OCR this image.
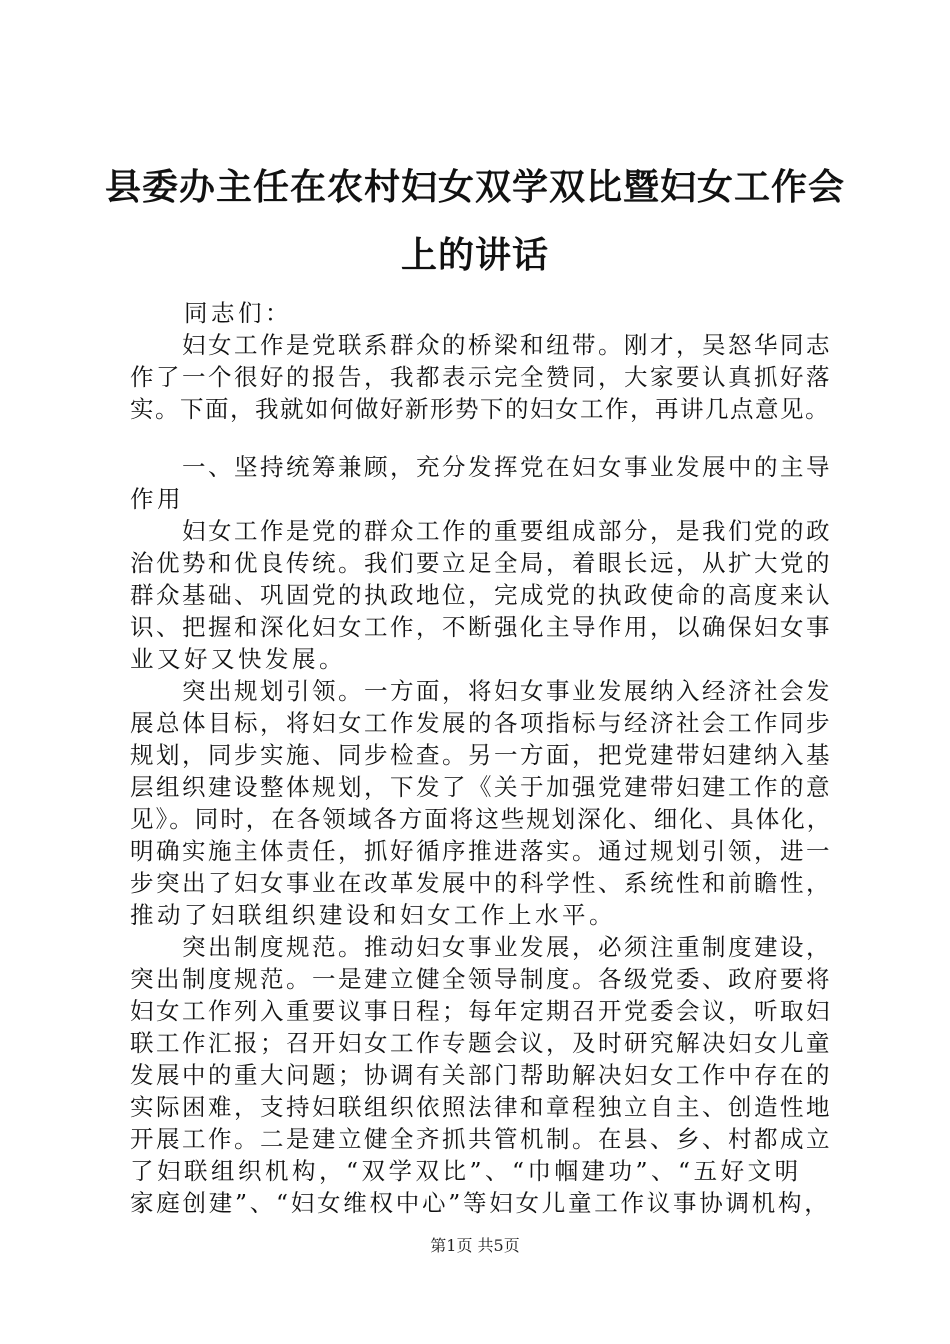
县委办主任在农村妇女双学双比暨妇女工作会
上的讲话
　　同志们：
　　妇女工作是党联系群众的桥梁和纽带。刚才，吴怒华同志
作了一个很好的报告，我都表示完全赞同，大家要认真抓好落
实。下面，我就如何做好新形势下的妇女工作，再讲几点意见。
　　一、坚持统筹兼顾，充分发挥党在妇女事业发展中的主导
作用
　　妇女工作是党的群众工作的重要组成部分，是我们党的政
治优势和优良传统。我们要立足全局，着眼长远，从扩大党的
群众基础、巩固党的执政地位，完成党的执政使命的高度来认
识、把握和深化妇女工作，不断强化主导作用，以确保妇女事
业又好又快发展。
　　突出规划引领。一方面，将妇女事业发展纳入经济社会发
展总体目标，将妇女工作发展的各项指标与经济社会工作同步
规划，同步实施、同步检查。另一方面，把党建带妇建纳入基
层组织建设整体规划，下发了《关于加强党建带妇建工作的意
见》。同时，在各领域各方面将这些规划深化、细化、具体化，
明确实施主体责任，抓好循序推进落实。通过规划引领，进一
步突出了妇女事业在改革发展中的科学性、系统性和前瞻性，
推动了妇联组织建设和妇女工作上水平。
　　突出制度规范。推动妇女事业发展，必须注重制度建设，
突出制度规范。一是建立健全领导制度。各级党委、政府要将
妇女工作列入重要议事日程；每年定期召开党委会议，听取妇
联工作汇报；召开妇女工作专题会议，及时研究解决妇女儿童
发展中的重大问题；协调有关部门帮助解决妇女工作中存在的
实际困难，支持妇联组织依照法律和章程独立自主、创造性地
开展工作。二是建立健全齐抓共管机制。在县、乡、村都成立
了妇联组织机构，“双学双比”、“巾帼建功”、“五好文明
家庭创建”、“妇女维权中心”等妇女儿童工作议事协调机构，
第1页 共5页
